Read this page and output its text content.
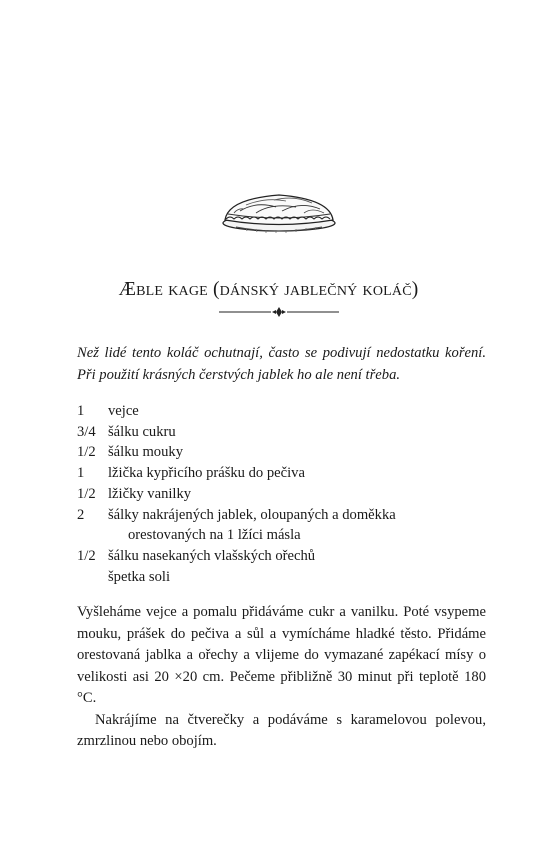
Æble kage (dánský jablečný koláč)

Než lidé tento koláč ochutnají, často se podivují nedostatku koření. Při použití krásných čerstvých jablek ho ale není třeba.

1	vejce
3/4 šálku cukru
1/2 šálku mouky
1	lžička kypřicího prášku do pečiva
1/2 lžičky vanilky
2	šálky nakrájených jablek, oloupaných a doměkka
orestovaných na 1 lžíci másla
1/2 šálku nasekaných vlašských ořechů
špetka soli

Vyšleháme vejce a pomalu přidáváme cukr a vanilku. Poté vsypeme mouku, prášek do pečiva a sůl a vymícháme hladké těsto. Přidáme orestovaná jablka a ořechy a vlijeme do vymazané zapékací mísy o velikosti asi 20 ×20 cm. Pečeme přibližně 30 minut při teplotě 180 °C.

Nakrájíme na čtverečky a podáváme s karamelovou polevou, zmrzlinou nebo obojím.
